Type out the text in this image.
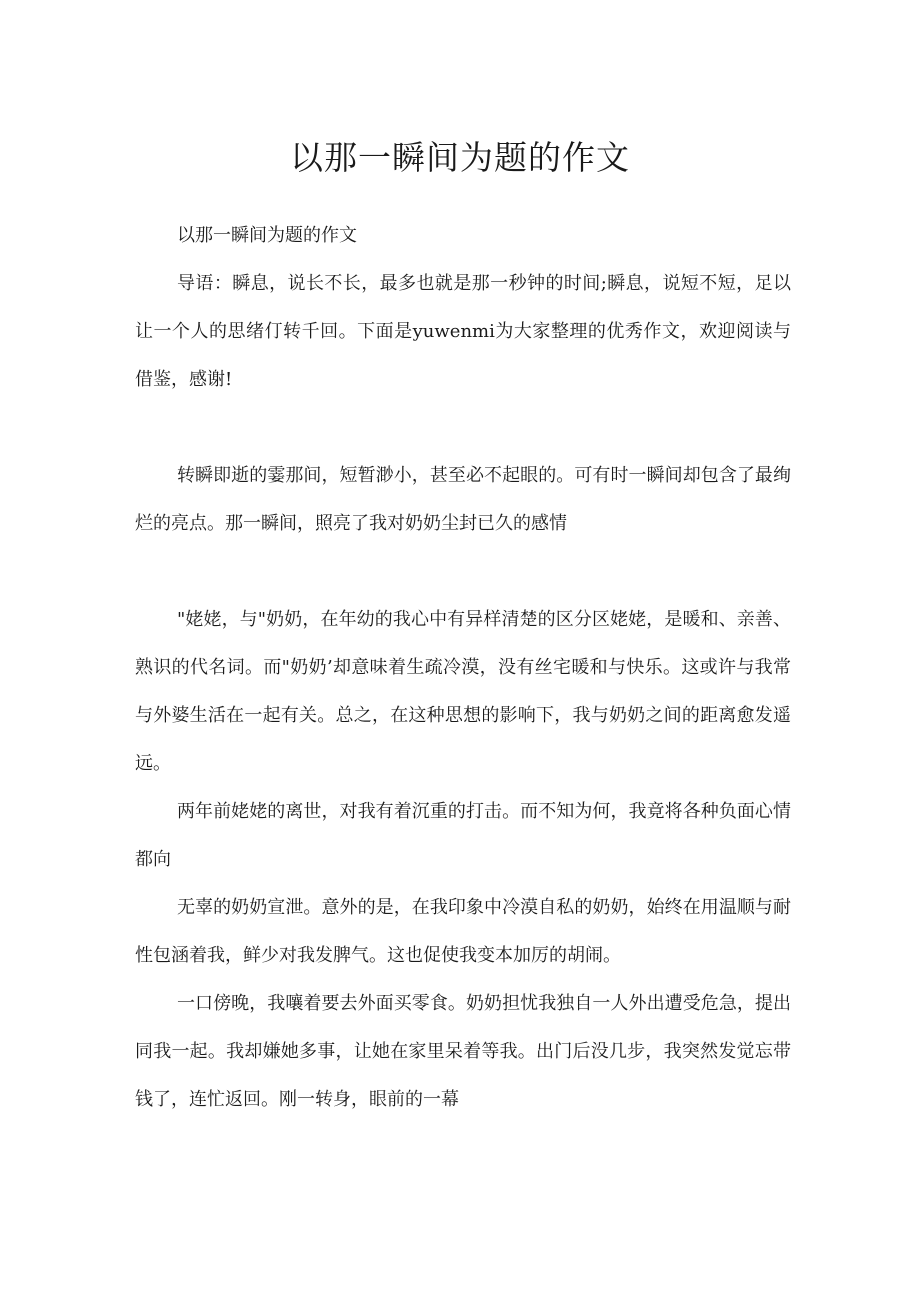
以那一瞬间为题的作文

以那一瞬间为题的作文

导语：瞬息，说长不长，最多也就是那一秒钟的时间;瞬息，说短不短，足以让一个人的思绪仃转千回。下面是yuwenmi为大家整理的优秀作文，欢迎阅读与借鉴，感谢!

转瞬即逝的霎那间，短暂渺小，甚至必不起眼的。可有时一瞬间却包含了最绚烂的亮点。那一瞬间，照亮了我对奶奶尘封已久的感情

"姥姥，与"奶奶，在年幼的我心中有异样清楚的区分区姥姥，是暖和、亲善、熟识的代名词。而"奶奶’却意味着生疏冷漠，没有丝宅暖和与快乐。这或许与我常与外婆生活在一起有关。总之，在这种思想的影响下，我与奶奶之间的距离愈发遥远。

两年前姥姥的离世，对我有着沉重的打击。而不知为何，我竟将各种负面心情都向

无辜的奶奶宣泄。意外的是，在我印象中冷漠自私的奶奶，始终在用温顺与耐性包涵着我，鲜少对我发脾气。这也促使我变本加厉的胡闹。

一口傍晚，我嚷着要去外面买零食。奶奶担忧我独自一人外出遭受危急，提出同我一起。我却嫌她多事，让她在家里呆着等我。出门后没几步，我突然发觉忘带钱了，连忙返回。刚一转身，眼前的一幕
